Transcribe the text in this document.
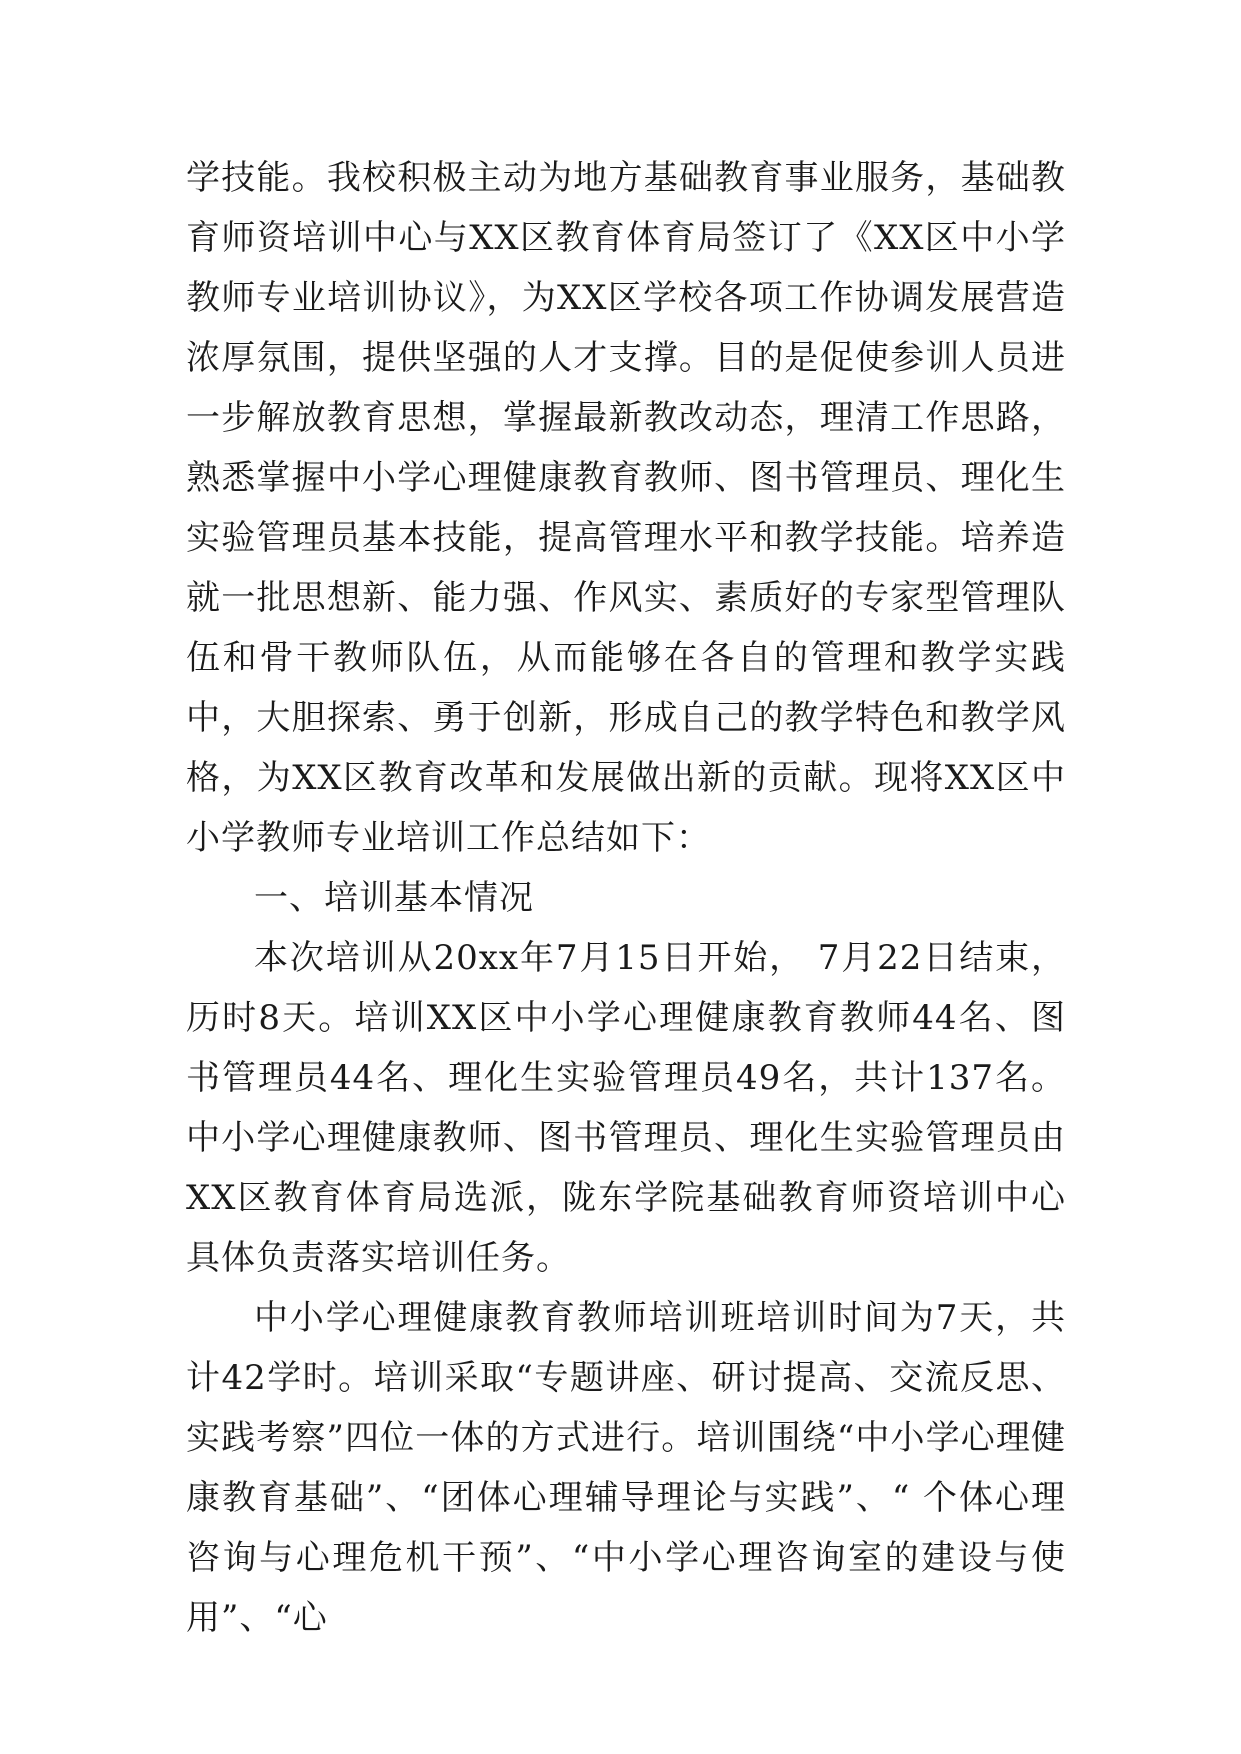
学技能。我校积极主动为地方基础教育事业服务，基础教育师资培训中心与XX区教育体育局签订了《XX区中小学教师专业培训协议》，为XX区学校各项工作协调发展营造浓厚氛围，提供坚强的人才支撑。目的是促使参训人员进一步解放教育思想，掌握最新教改动态，理清工作思路，熟悉掌握中小学心理健康教育教师、图书管理员、理化生实验管理员基本技能，提高管理水平和教学技能。培养造就一批思想新、能力强、作风实、素质好的专家型管理队伍和骨干教师队伍，从而能够在各自的管理和教学实践中，大胆探索、勇于创新，形成自己的教学特色和教学风格，为XX区教育改革和发展做出新的贡献。现将XX区中小学教师专业培训工作总结如下：

一、培训基本情况

本次培训从20xx年7月15日开始， 7月22日结束，历时8天。培训XX区中小学心理健康教育教师44名、图书管理员44名、理化生实验管理员49名，共计137名。中小学心理健康教师、图书管理员、理化生实验管理员由XX区教育体育局选派，陇东学院基础教育师资培训中心具体负责落实培训任务。

中小学心理健康教育教师培训班培训时间为7天，共计42学时。培训采取“专题讲座、研讨提高、交流反思、实践考察”四位一体的方式进行。培训围绕“中小学心理健康教育基础”、“团体心理辅导理论与实践”、“ 个体心理咨询与心理危机干预”、“中小学心理咨询室的建设与使用”、“心
